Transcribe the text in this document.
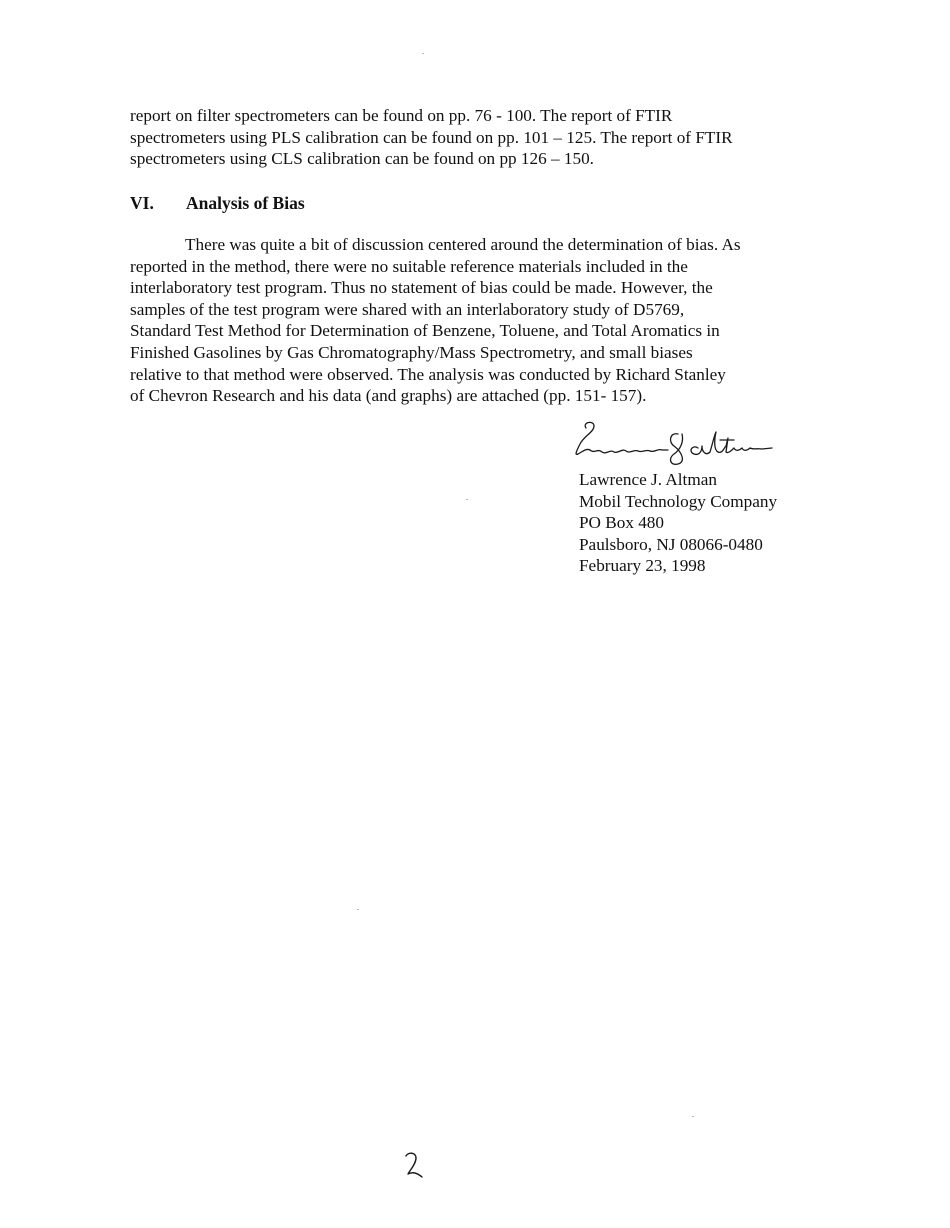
report on filter spectrometers can be found on pp. 76 - 100. The report of FTIR
spectrometers using PLS calibration can be found on pp. 101 – 125. The report of FTIR
spectrometers using CLS calibration can be found on pp 126 – 150.

VI. Analysis of Bias

There was quite a bit of discussion centered around the determination of bias. As
reported in the method, there were no suitable reference materials included in the
interlaboratory test program. Thus no statement of bias could be made. However, the
samples of the test program were shared with an interlaboratory study of D5769,
Standard Test Method for Determination of Benzene, Toluene, and Total Aromatics in
Finished Gasolines by Gas Chromatography/Mass Spectrometry, and small biases
relative to that method were observed. The analysis was conducted by Richard Stanley
of Chevron Research and his data (and graphs) are attached (pp. 151- 157).

Lawrence J. Altman
Mobil Technology Company
PO Box 480
Paulsboro, NJ 08066-0480
February 23, 1998
